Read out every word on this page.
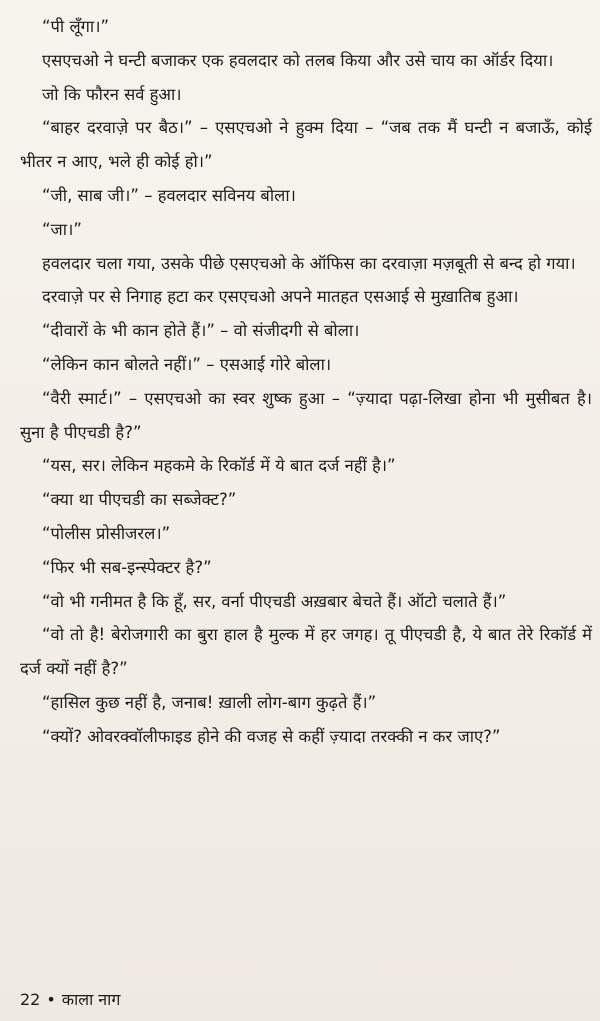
“पी लूँगा।”

एसएचओ ने घन्टी बजाकर एक हवलदार को तलब किया और उसे चाय का ऑर्डर दिया।

जो कि फौरन सर्व हुआ।

“बाहर दरवाज़े पर बैठ।” – एसएचओ ने हुक्म दिया – “जब तक मैं घन्टी न बजाऊँ, कोई भीतर न आए, भले ही कोई हो।”

“जी, साब जी।” – हवलदार सविनय बोला।

“जा।”

हवलदार चला गया, उसके पीछे एसएचओ के ऑफिस का दरवाज़ा मज़बूती से बन्द हो गया।

दरवाज़े पर से निगाह हटा कर एसएचओ अपने मातहत एसआई से मुख़ातिब हुआ।

“दीवारों के भी कान होते हैं।” – वो संजीदगी से बोला।

“लेकिन कान बोलते नहीं।” – एसआई गोरे बोला।

“वैरी स्मार्ट।” – एसएचओ का स्वर शुष्क हुआ – “ज़्यादा पढ़ा-लिखा होना भी मुसीबत है। सुना है पीएचडी है?”

“यस, सर। लेकिन महकमे के रिकॉर्ड में ये बात दर्ज नहीं है।”

“क्या था पीएचडी का सब्जेक्ट?”

“पोलीस प्रोसीजरल।”

“फिर भी सब-इन्स्पेक्टर है?”

“वो भी गनीमत है कि हूँ, सर, वर्ना पीएचडी अख़बार बेचते हैं। ऑटो चलाते हैं।”

“वो तो है! बेरोजगारी का बुरा हाल है मुल्क में हर जगह। तू पीएचडी है, ये बात तेरे रिकॉर्ड में दर्ज क्यों नहीं है?”

“हासिल कुछ नहीं है, जनाब! ख़ाली लोग-बाग कुढ़ते हैं।”

“क्यों? ओवरक्वॉलीफाइड होने की वजह से कहीं ज़्यादा तरक्की न कर जाए?”

22 • काला नाग
